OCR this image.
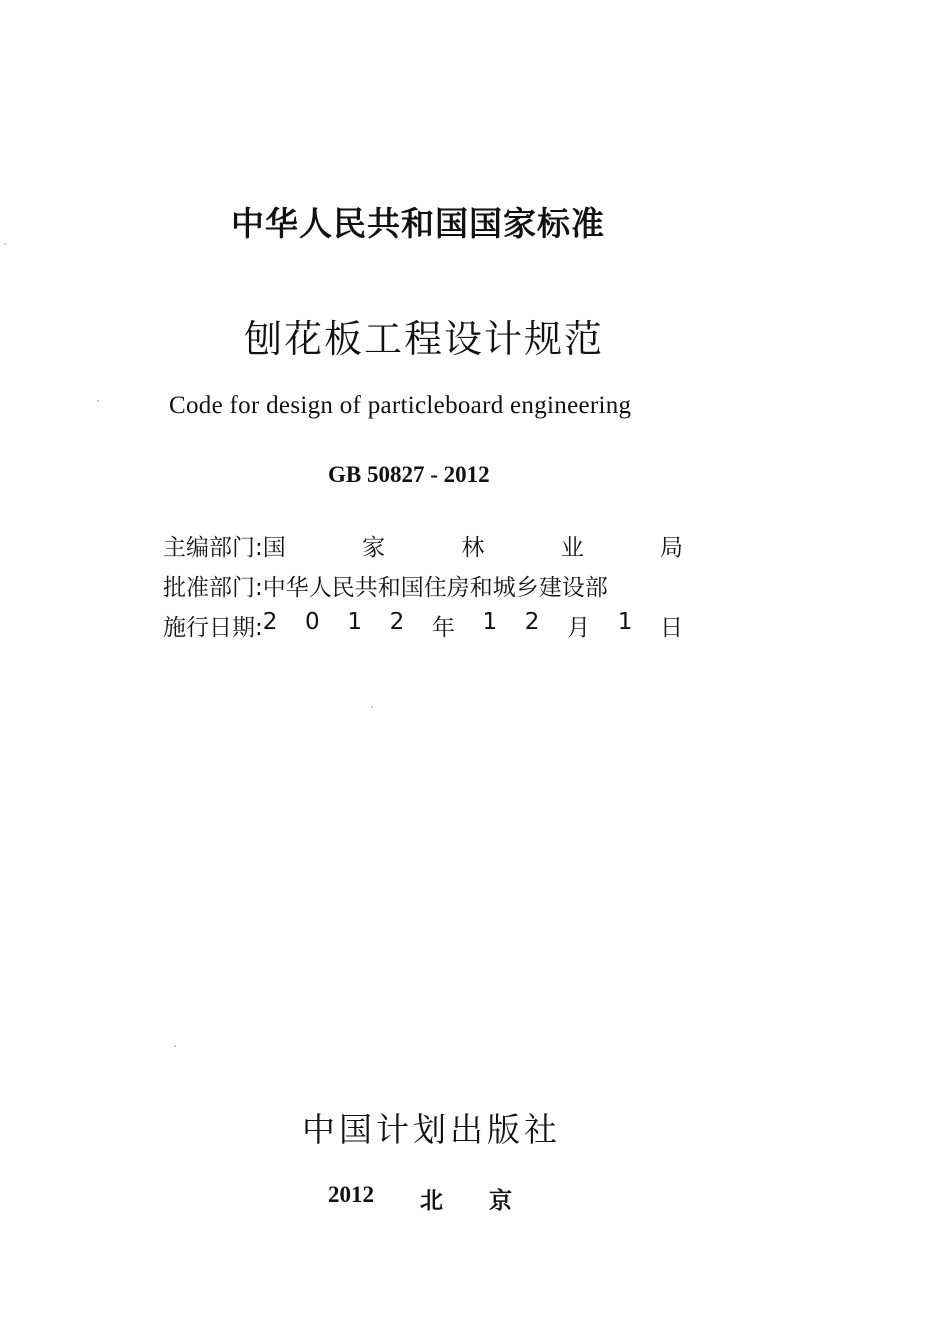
中华人民共和国国家标准
刨花板工程设计规范
Code for design of particleboard engineering
GB 50827 - 2012
主编部门: 国	家	林	业	局
批准部门: 中华人民共和国住房和城乡建设部
施行日期: 2 0 1 2 年 1 2 月 1 日
中国计划出版社
2012 北 京
